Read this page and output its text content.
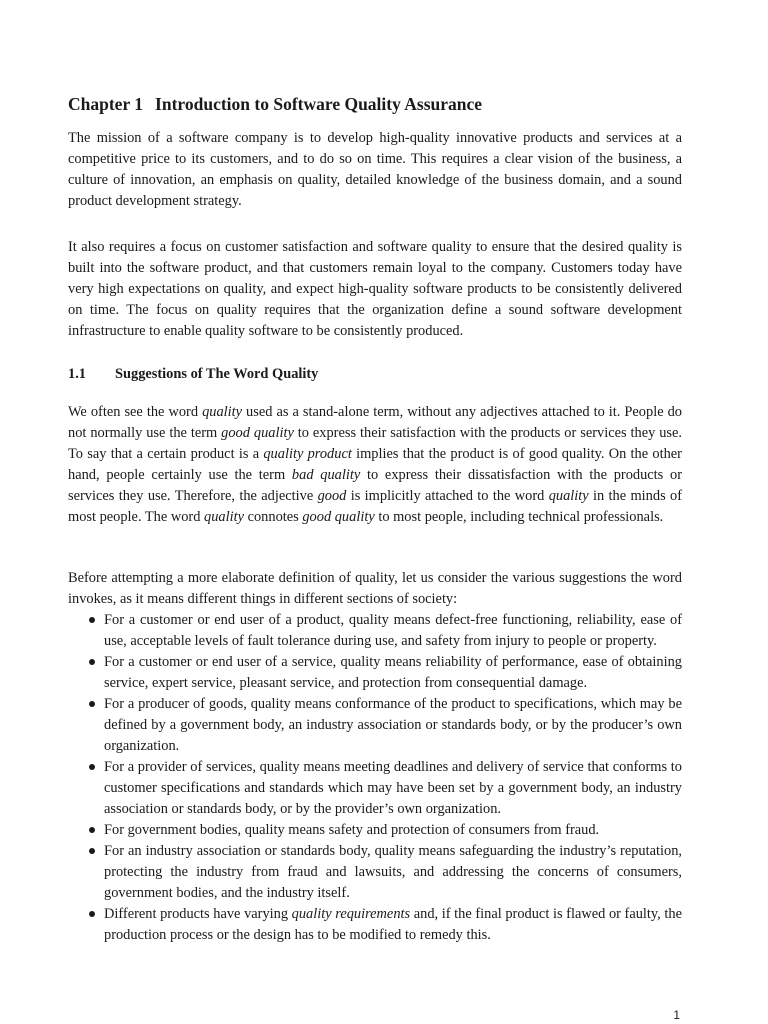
Chapter 1 Introduction to Software Quality Assurance

The mission of a software company is to develop high-quality innovative products and services at a competitive price to its customers, and to do so on time. This requires a clear vision of the business, a culture of innovation, an emphasis on quality, detailed knowledge of the business domain, and a sound product development strategy.

It also requires a focus on customer satisfaction and software quality to ensure that the desired quality is built into the software product, and that customers remain loyal to the company. Customers today have very high expectations on quality, and expect high-quality software products to be consistently delivered on time. The focus on quality requires that the organization define a sound software development infrastructure to enable quality software to be consistently produced.

1.1 Suggestions of The Word Quality

We often see the word quality used as a stand-alone term, without any adjectives attached to it. People do not normally use the term good quality to express their satisfaction with the products or services they use. To say that a certain product is a quality product implies that the product is of good quality. On the other hand, people certainly use the term bad quality to express their dissatisfaction with the products or services they use. Therefore, the adjective good is implicitly attached to the word quality in the minds of most people. The word quality connotes good quality to most people, including technical professionals.

Before attempting a more elaborate definition of quality, let us consider the various suggestions the word invokes, as it means different things in different sections of society:

For a customer or end user of a product, quality means defect-free functioning, reliability, ease of use, acceptable levels of fault tolerance during use, and safety from injury to people or property.
For a customer or end user of a service, quality means reliability of performance, ease of obtaining service, expert service, pleasant service, and protection from consequential damage.
For a producer of goods, quality means conformance of the product to specifications, which may be defined by a government body, an industry association or standards body, or by the producer’s own organization.
For a provider of services, quality means meeting deadlines and delivery of service that conforms to customer specifications and standards which may have been set by a government body, an industry association or standards body, or by the provider’s own organization.
For government bodies, quality means safety and protection of consumers from fraud.
For an industry association or standards body, quality means safeguarding the industry’s reputation, protecting the industry from fraud and lawsuits, and addressing the concerns of consumers, government bodies, and the industry itself.
Different products have varying quality requirements and, if the final product is flawed or faulty, the production process or the design has to be modified to remedy this.
1
